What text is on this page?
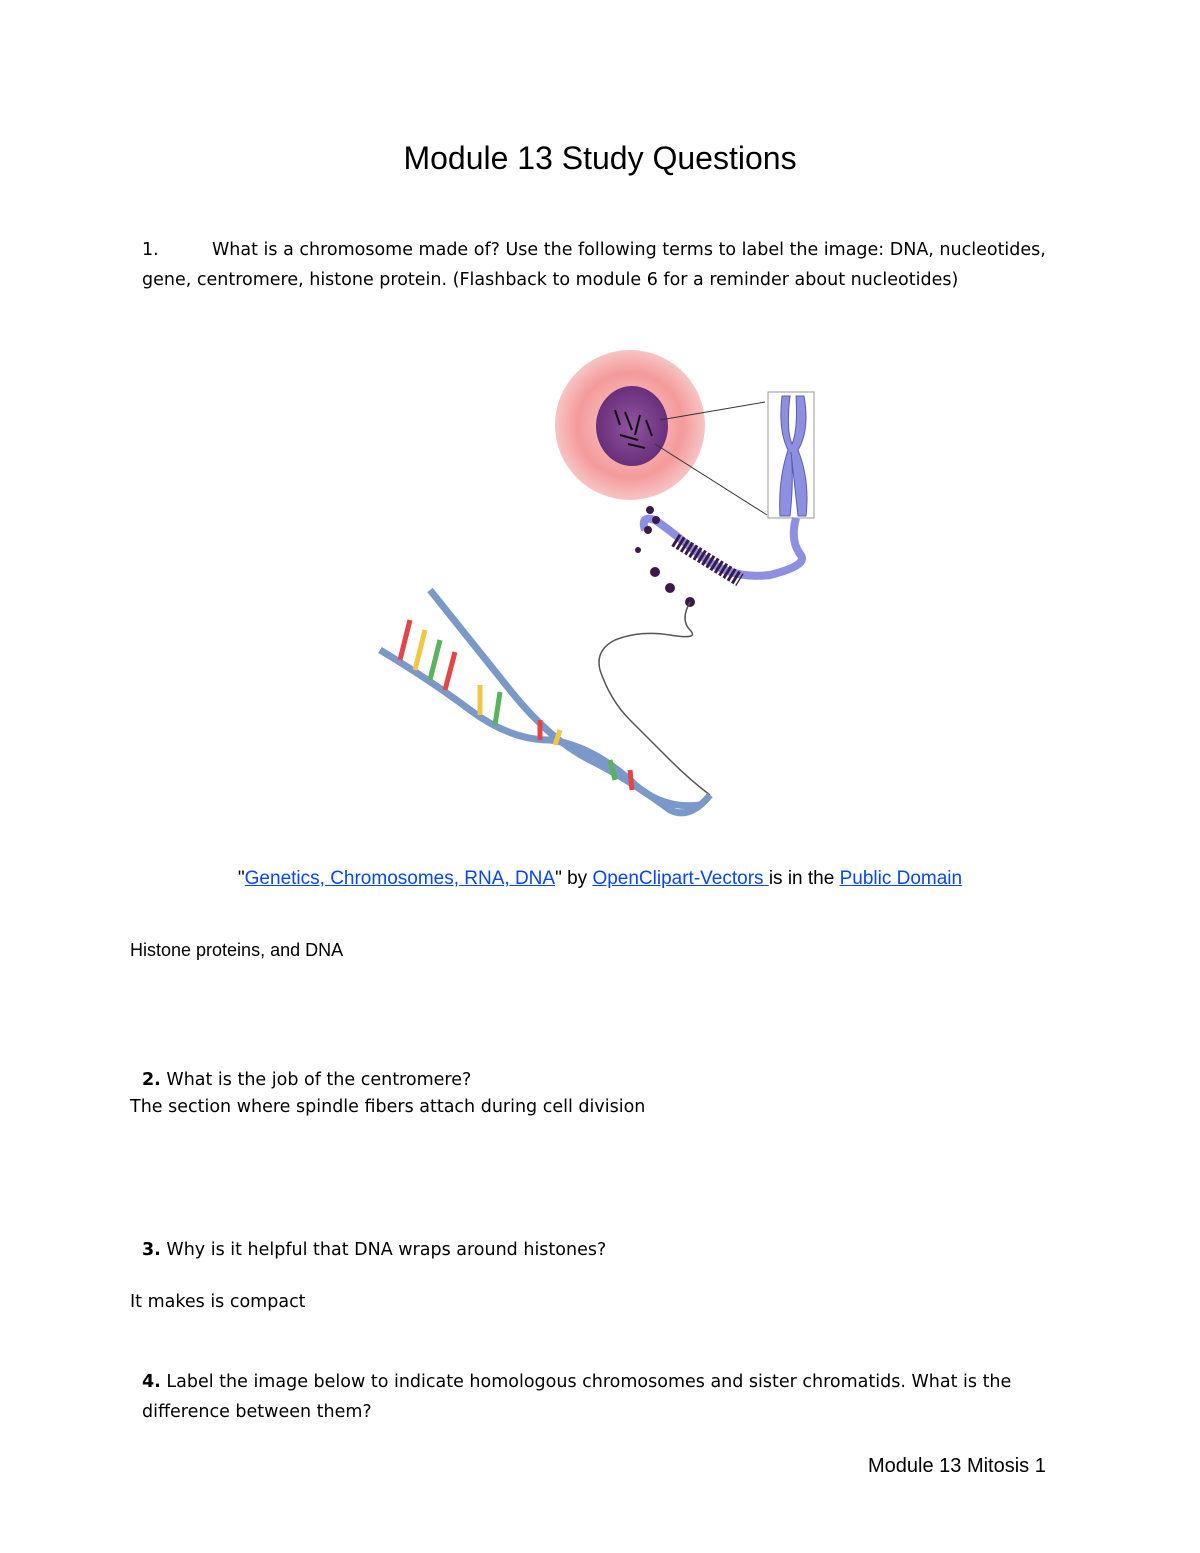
Module 13 Study Questions
1.	What is a chromosome made of? Use the following terms to label the image: DNA, nucleotides, gene, centromere, histone protein. (Flashback to module 6 for a reminder about nucleotides)
"Genetics, Chromosomes, RNA, DNA" by OpenClipart-Vectors is in the Public Domain
Histone proteins, and DNA
2. What is the job of the centromere?
The section where spindle fibers attach during cell division
3. Why is it helpful that DNA wraps around histones?
It makes is compact
4. Label the image below to indicate homologous chromosomes and sister chromatids. What is the difference between them?
Module 13 Mitosis 1
